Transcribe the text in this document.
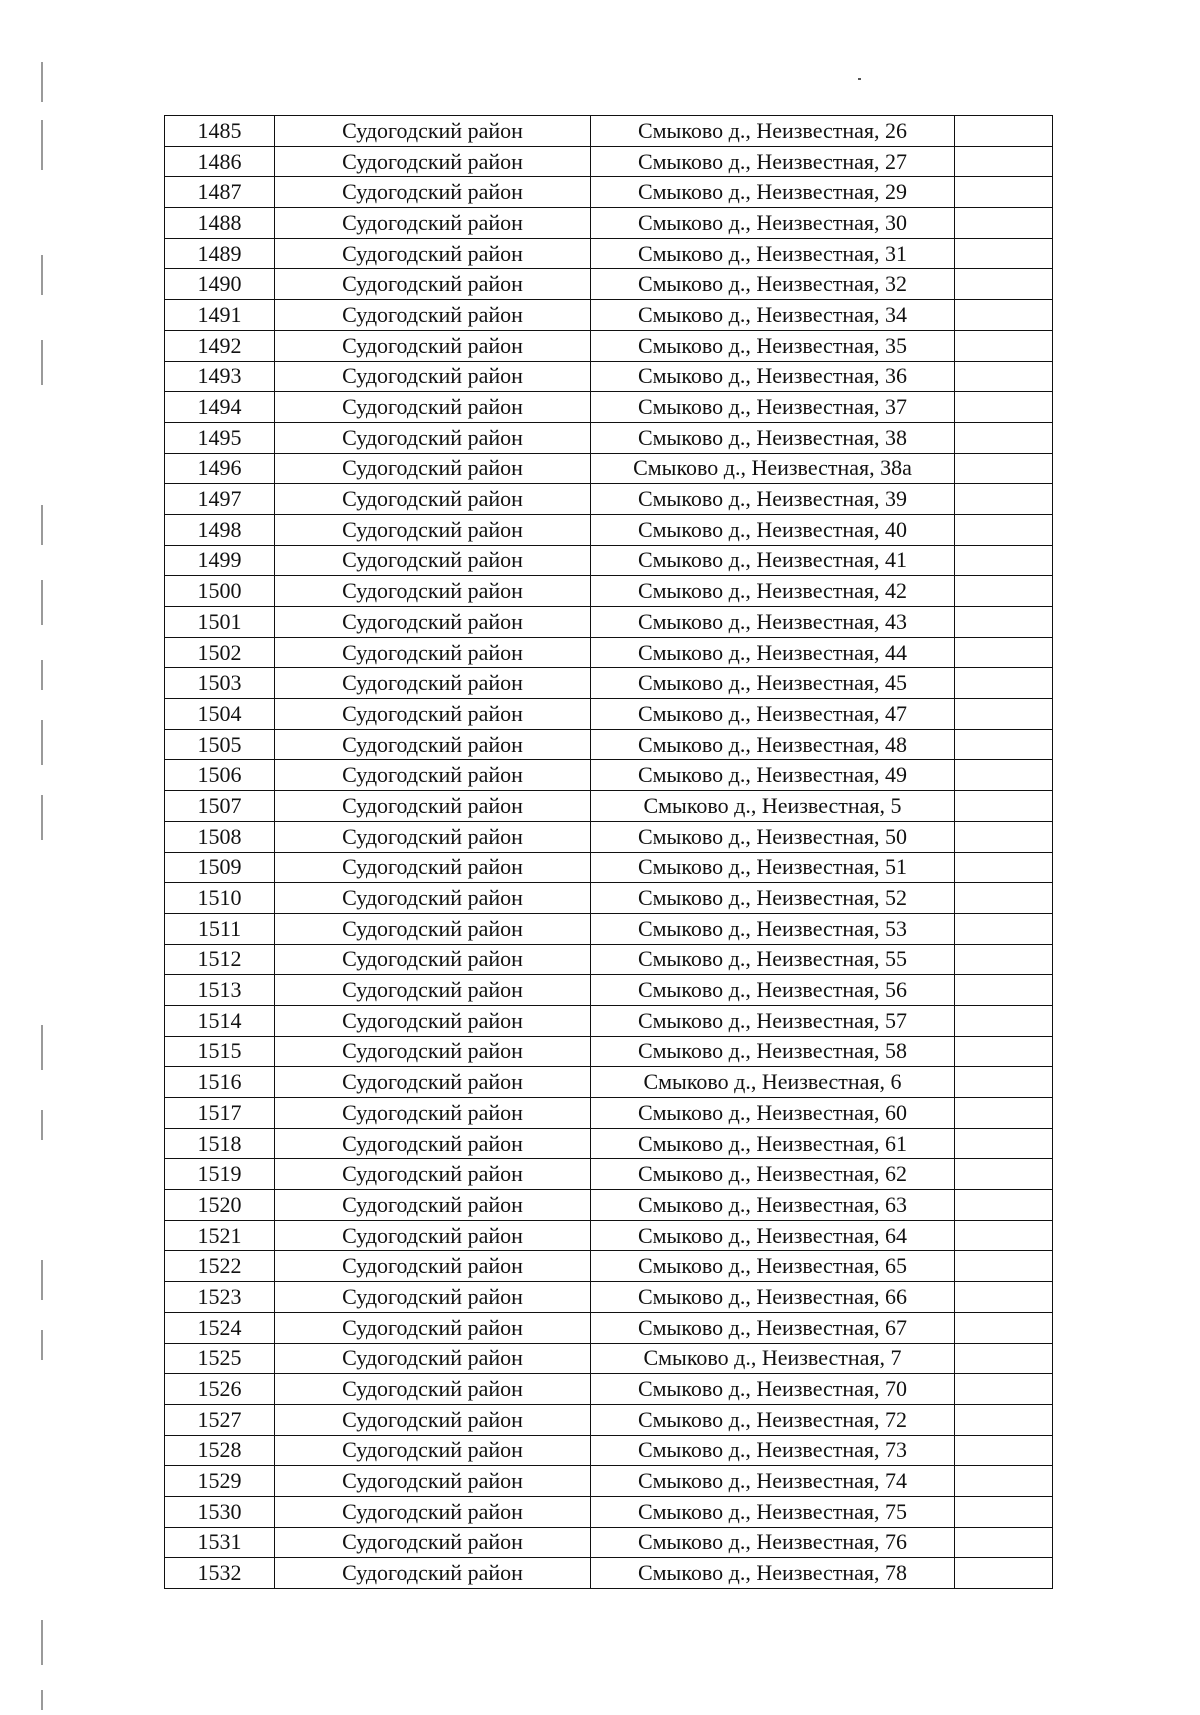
1485	Судогодский район	Смыково д., Неизвестная, 26	
1486	Судогодский район	Смыково д., Неизвестная, 27	
1487	Судогодский район	Смыково д., Неизвестная, 29	
1488	Судогодский район	Смыково д., Неизвестная, 30	
1489	Судогодский район	Смыково д., Неизвестная, 31	
1490	Судогодский район	Смыково д., Неизвестная, 32	
1491	Судогодский район	Смыково д., Неизвестная, 34	
1492	Судогодский район	Смыково д., Неизвестная, 35	
1493	Судогодский район	Смыково д., Неизвестная, 36	
1494	Судогодский район	Смыково д., Неизвестная, 37	
1495	Судогодский район	Смыково д., Неизвестная, 38	
1496	Судогодский район	Смыково д., Неизвестная, 38а	
1497	Судогодский район	Смыково д., Неизвестная, 39	
1498	Судогодский район	Смыково д., Неизвестная, 40	
1499	Судогодский район	Смыково д., Неизвестная, 41	
1500	Судогодский район	Смыково д., Неизвестная, 42	
1501	Судогодский район	Смыково д., Неизвестная, 43	
1502	Судогодский район	Смыково д., Неизвестная, 44	
1503	Судогодский район	Смыково д., Неизвестная, 45	
1504	Судогодский район	Смыково д., Неизвестная, 47	
1505	Судогодский район	Смыково д., Неизвестная, 48	
1506	Судогодский район	Смыково д., Неизвестная, 49	
1507	Судогодский район	Смыково д., Неизвестная, 5	
1508	Судогодский район	Смыково д., Неизвестная, 50	
1509	Судогодский район	Смыково д., Неизвестная, 51	
1510	Судогодский район	Смыково д., Неизвестная, 52	
1511	Судогодский район	Смыково д., Неизвестная, 53	
1512	Судогодский район	Смыково д., Неизвестная, 55	
1513	Судогодский район	Смыково д., Неизвестная, 56	
1514	Судогодский район	Смыково д., Неизвестная, 57	
1515	Судогодский район	Смыково д., Неизвестная, 58	
1516	Судогодский район	Смыково д., Неизвестная, 6	
1517	Судогодский район	Смыково д., Неизвестная, 60	
1518	Судогодский район	Смыково д., Неизвестная, 61	
1519	Судогодский район	Смыково д., Неизвестная, 62	
1520	Судогодский район	Смыково д., Неизвестная, 63	
1521	Судогодский район	Смыково д., Неизвестная, 64	
1522	Судогодский район	Смыково д., Неизвестная, 65	
1523	Судогодский район	Смыково д., Неизвестная, 66	
1524	Судогодский район	Смыково д., Неизвестная, 67	
1525	Судогодский район	Смыково д., Неизвестная, 7	
1526	Судогодский район	Смыково д., Неизвестная, 70	
1527	Судогодский район	Смыково д., Неизвестная, 72	
1528	Судогодский район	Смыково д., Неизвестная, 73	
1529	Судогодский район	Смыково д., Неизвестная, 74	
1530	Судогодский район	Смыково д., Неизвестная, 75	
1531	Судогодский район	Смыково д., Неизвестная, 76	
1532	Судогодский район	Смыково д., Неизвестная, 78	
